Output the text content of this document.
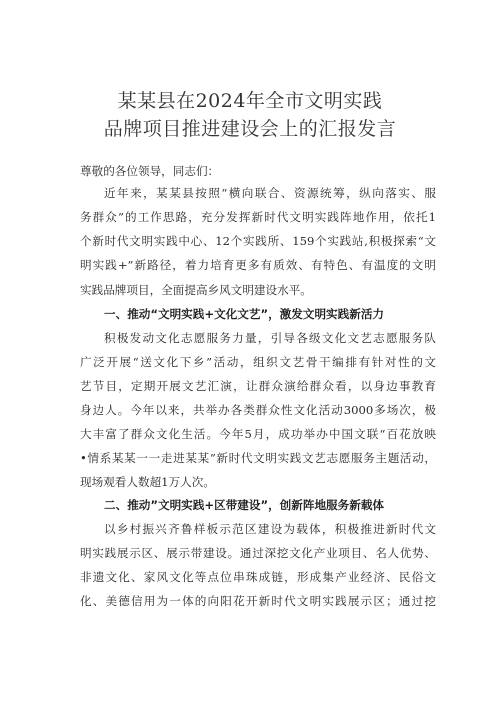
某某县在2024年全市文明实践
品牌项目推进建设会上的汇报发言
尊敬的各位领导，同志们：
近年来，某某县按照“横向联合、资源统筹，纵向落实、服
务群众”的工作思路，充分发挥新时代文明实践阵地作用，依托1
个新时代文明实践中心、12个实践所、159个实践站,积极探索“文
明实践+”新路径，着力培育更多有质效、有特色、有温度的文明
实践品牌项目，全面提高乡风文明建设水平。
一、推动“文明实践+文化文艺”，激发文明实践新活力
积极发动文化志愿服务力量，引导各级文化文艺志愿服务队
广泛开展“送文化下乡”活动，组织文艺骨干编排有针对性的文
艺节目，定期开展文艺汇演，让群众演给群众看，以身边事教育
身边人。今年以来，共举办各类群众性文化活动3000多场次，极
大丰富了群众文化生活。今年5月，成功举办中国文联“百花放映
•情系某某一一走进某某”新时代文明实践文艺志愿服务主题活动，
现场观看人数超1万人次。
二、推动”文明实践+区带建设”，创新阵地服务新载体
以乡村振兴齐鲁样板示范区建设为载体，积极推进新时代文
明实践展示区、展示带建设。通过深挖文化产业项目、名人优势、
非遗文化、家风文化等点位串珠成链，形成集产业经济、民俗文
化、美德信用为一体的向阳花开新时代文明实践展示区；通过挖
